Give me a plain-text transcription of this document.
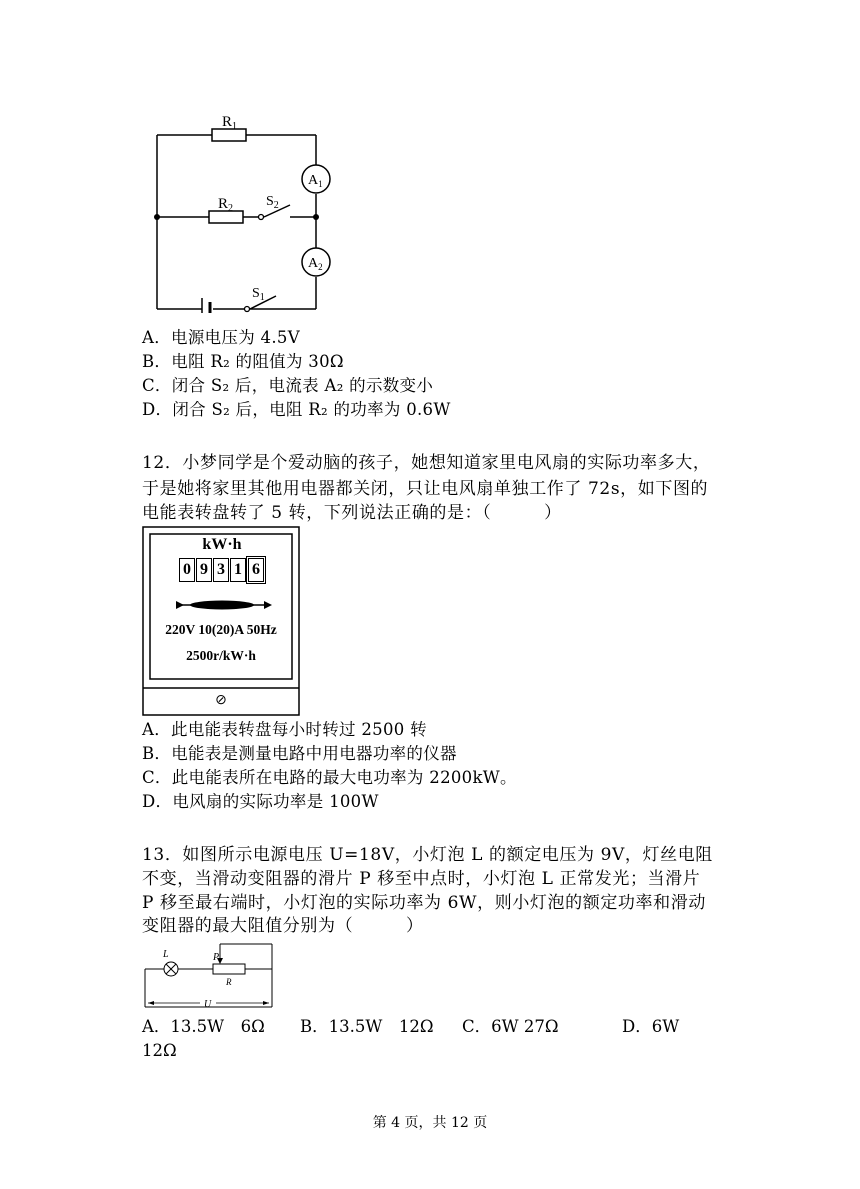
$R_1$
$R_2$ $S_2$
$S_1$
$A_1$
$A_2$
A．电源电压为 4.5V
B．电阻 R₂ 的阻值为 30Ω
C．闭合 S₂ 后，电流表 A₂ 的示数变小
D．闭合 S₂ 后，电阻 R₂ 的功率为 0.6W
12．小梦同学是个爱动脑的孩子，她想知道家里电风扇的实际功率多大，
于是她将家里其他用电器都关闭，只让电风扇单独工作了 72s，如下图的
电能表转盘转了 5 转，下列说法正确的是：（　　　）
kW·h
0 9 3 1 6
220V 10(20)A 50Hz
2500r/kW·h
⊘
A．此电能表转盘每小时转过 2500 转
B．电能表是测量电路中用电器功率的仪器
C．此电能表所在电路的最大电功率为 2200kW。
D．电风扇的实际功率是 100W
13．如图所示电源电压 U=18V，小灯泡 L 的额定电压为 9V，灯丝电阻
不变，当滑动变阻器的滑片 P 移至中点时，小灯泡 L 正常发光；当滑片
P 移至最右端时，小灯泡的实际功率为 6W，则小灯泡的额定功率和滑动
变阻器的最大阻值分别为（　　　）
L	P
R
U
A．13.5W　6Ω B．13.5W　12Ω C．6W 27Ω	D．6W
12Ω
第 4 页，共 12 页
